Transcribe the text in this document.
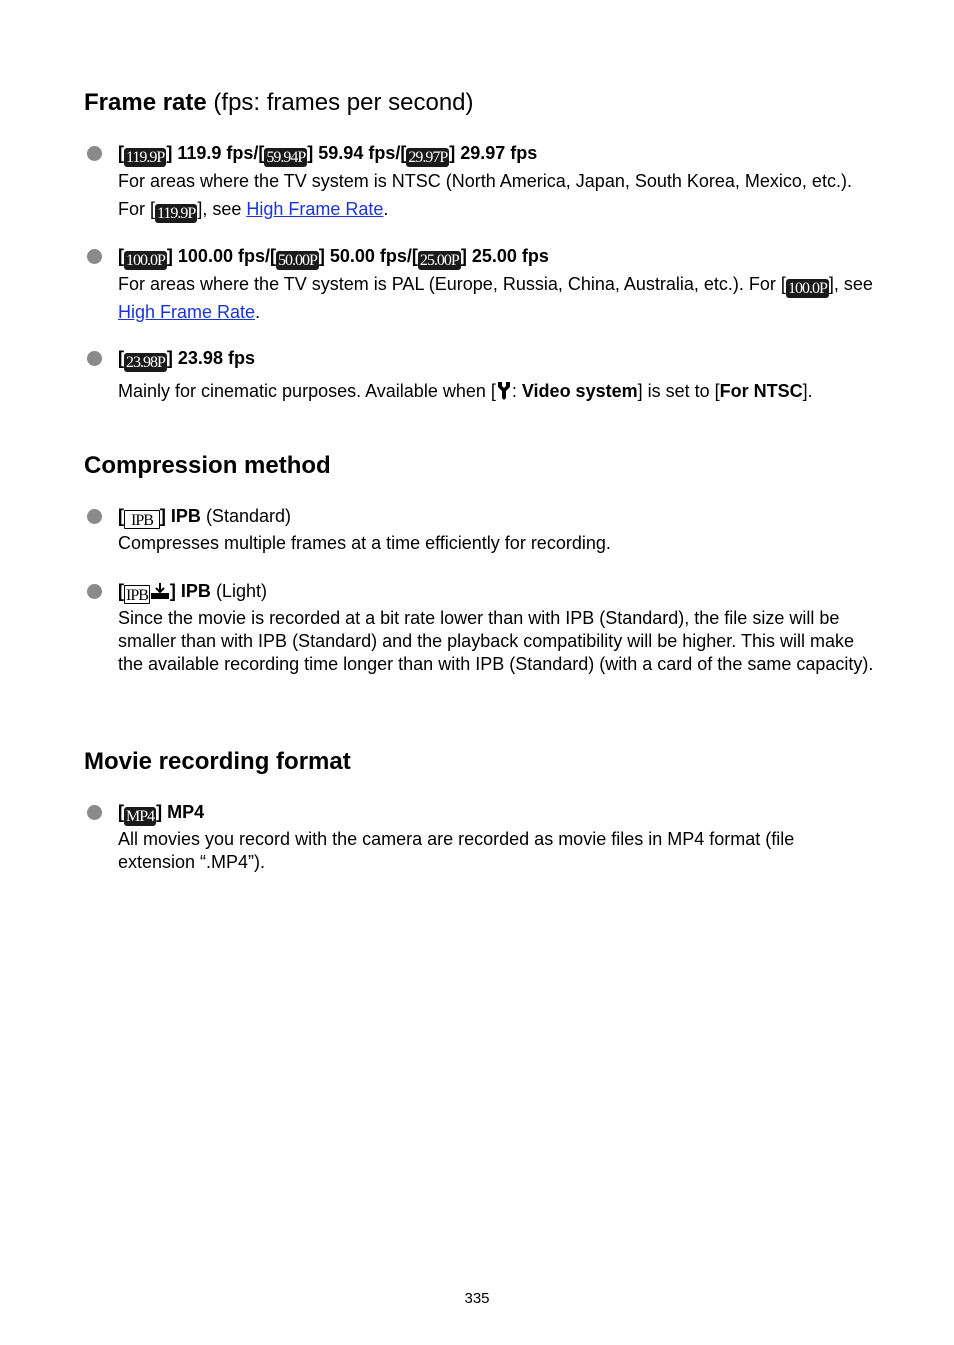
Frame rate (fps: frames per second)
[ 119.9P ] 119.9 fps/[ 59.94P ] 59.94 fps/[ 29.97P ] 29.97 fps

For areas where the TV system is NTSC (North America, Japan, South Korea, Mexico, etc.). For [ 119.9P ], see High Frame Rate.

[ 100.0P ] 100.00 fps/[ 50.00P ] 50.00 fps/[ 25.00P ] 25.00 fps

For areas where the TV system is PAL (Europe, Russia, China, Australia, etc.). For [ 100.0P ], see High Frame Rate.

[ 23.98P ] 23.98 fps

Mainly for cinematic purposes. Available when [ : Video system] is set to [For NTSC].

Compression method
[ IPB ] IPB (Standard)

Compresses multiple frames at a time efficiently for recording.

[ IPB ] IPB (Light)

Since the movie is recorded at a bit rate lower than with IPB (Standard), the file size will be smaller than with IPB (Standard) and the playback compatibility will be higher. This will make the available recording time longer than with IPB (Standard) (with a card of the same capacity).

Movie recording format
[ MP4 ] MP4

All movies you record with the camera are recorded as movie files in MP4 format (file extension “.MP4”).

335
